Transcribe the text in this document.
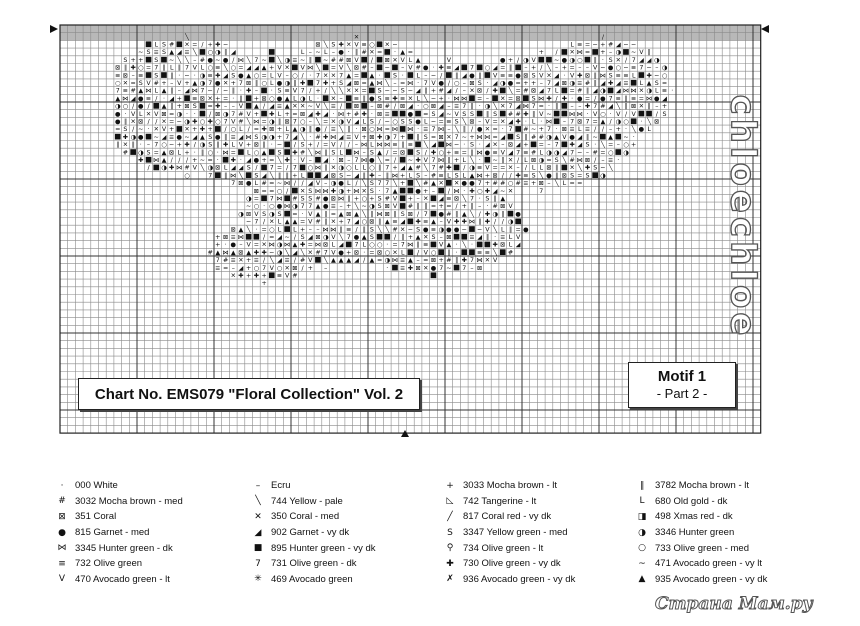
╲	✕	/
L S # ✕ = / + ✚ ~	⊠ ╲ S ✚ ✕ V ≡ ○ ✕ ~	L ≡ = ~ + # ◢ ~ ~
~ S ≡ S ▲ ◢ ≡ ╲ ○ ◑ ∥ ◢	L – ~ L – ● · ∥ # ✕ = · ▲ =	+ / ✕ ⋈ = + – ◑ ~ V ∥
S + + S ~ ╲ ╲ – # ● ~ ● / ⋈ ╲ 7 ~ ╲ ◑ ≡ ~ ∥ ~ # # ⊠ V / ⊠ ✕ V L ▲	V	● + / ◑ V	~ ● ◑ ○ ∥ · S ✕ / 7 ◢ ◢ ◑
⊠ ∥ ✚ ○ = 7 ∥ L ∥ 7 V L ○ ≡ ╲ ○ = ◢ ◢ ▲ + V ✕ V ⋈ ╲ = V ╲ ⊠ # – ~ – V # ● · ✚ ≡ ◢ 7 ○ ◢ = ∥ – + / ╲ – + = – – V ~ ● ○ ~ ≡ 7 ~ – ◑
≡ ⊠ – ≡ S ∥ · ~ · ◑ ≡ ✚ ◢ S ● ▲ ○ = L V – ○ / · 7 ✕ ✕ 7 ▲ = ▲ · S · L – ~ / ∥ ◢ ● ∥ V ≡ ≡ ● ⊠ S V ✕ ◢ · V ✚ ⊠ ∥ ⋈ S ≡ ≡ L ✚ ~ ○
○ ✕ = S V # + – V + ▲ ◑ 7 ● ✕ + 7 ⊠ ∥ ○ L ● ◑ ∥ ✚ 7 ✚ + S ◢ ⊠ = ▲ ⋈ ╲ – = ⋈ · 7 V ● / ○ – ⊠ S · ◢ ◑ ● = + + – 7 ◢ ⊠ ◑ ≡ # ∥ ◢ ✚ ◢ ≡ L ▲ S =
7 ≡ # ▲ ⋈ L ▲ ∥ – ◢ ⋈ 7 ~ / ~ ∥ · ✚ – · S ≡ V 7 / + / ╲ ╲ ✕ ✕ = S ~ ~ S ~ ◢ ∥ + # ◢ / – ✕ ⊠ / ✚ ╲ = # ⊠ ◢ 7 L = # ∥ ◢ ◑ ◢ ⋈ ⋈ ✕ ◑ L ≡ ·
▲ ⋈ ◢ ● ≡ / · ◢ + ≡ ⊠ ✕ + = · ∥ + ⊠ ○ ● ▲ L ◑ L · ✕ – ≡ ∥ ● S ≡ ✚ ≡ ✕ L ╲ ~ + · ⋈ ⋈ = – ✕ = ⊠ S ⋈ ✚ / ✚ · ● = / ● 7 ≡ ∥ ≡ = ⋈ ● ◢
◑ ○ / ● / ▲ ∥ + ⊠ S = ✚ – – V ▲ / ◢ ≡ ▲ ✕ ✕ ~ V ╲ ≡ / ⊠ – ⊠ # / ⊠ ◢ · ○ ⊠ ◢ – ≡ 7 ∥ · ◑ ╲ ✕ 7 ◢ ⋈ 7 = · ∥ – – ✚ 7 # ◢ ╲ ∥ ⊠ ✕ ∥ – +
● · V L ✕ V ⊠ = ◑ · · / ⊠ ◑ 7 # V + ✚ L + = ⊠ ◢ ✚ ◢ · ⋈ + # ✚ · ⊠ ≡	● = S ◢ ~ V S S ∥ S # # ✚ ∥ V ~	⋈ ⋈ · V ○ · V / V	/ S
● ∥ ✕ ⊠ / / ✕ = ~ ◑ ✚ ○ ✚ ○ 7 V # ╲ ⋈ = ◑ ∥ ⊠ 7 ○ – ╲ = ✕ ◑ V ◢ L S / ~ ○ S S ● L ~ = ≡ S ╲ ⊠ – V = ✕ ◢ ✚ · L · ⋈ – 7 ⊠ 7 = ▲ / ◑ ○ · ╲ ⊠
= S / ~ · ✕ V + ✕ + ✚ + / ○ L / = ✚ ⊠ + L ▲ ◑ ∥ ● / ≡ ╲ ∥ · ⊠ ○ ⋈ = ⋈ ⋈ · ≡ 7 ⋈ – ╲ ∥ / ● ✕ = · 7 # ~ + 7 · ⊠ ≡ L ≡ / / – + · ╲ ● L
✚ ◑ ● ~ ◢ ≡ ● ~ ◢ ▲ S ● ∥ ≡ ◢ ⋈ S ◑ ◑ + 7 ◢ ╲ · # ✚ ⋈ ◢ ≡ V + ⊠ ✚ ◑ 7 + ∥ S = ⊠ ✕ 7 ~ + ⋈ ⋈ = ◢ S ∥ # # ◑ ▲ V ● ◢ ∥ ~ ▲ ~ ·
∥ ✕ ∥ · – 7 ○ ~ + ✚ / ◑ S ∥ ✚ L V + ⊠ ∥ · ~ / S + / = V / / – ⋈ L ⋈ ⋈ ≡ ∥ ≡ ╲ ◢ ⋈ ~ · S · ◢ ✕ – ⊠ ◢ + = – 7 ✚ ◢ S · ╲ = – ○ +
# ◑ S = ▲ ⊠ L + · ∥ ○ · ⋈ = L ○ ▲ S ✚ # ╲ ⋈ ∥ S L ⋈ – S ▲ / = ⊠ S / ✚ ○ + ≡ = ∥ ⋈ ● ≡ V ◢ 7 ≡ # L ◑ ◑ ◢ 7 ~ – # = ○ ◑
✚ ⋈ ▲ / / / + ~ = · ✚ · ◢ ● + = ╲ ✚ · V – ◢ · ⊠ – 7 ⋈ ● ╲ = / ~ ✚ V 7 ⋈ ∥ + L ╲ · ~ ∥ ✕ / L ⊠ ◑ = S ╲ # ⋈ ⊠ / – ≡ ·
/ ◑ ✚ ⋈ # V ╲ ◑ ⊠ L ◢ ◢ S / 7 = / 7 ○ ⋈ ∥ ✕ ◑ ○ L L ○ ∥ 7 + ◢ ▲ # ╲ 7 # ✚ / ◑ ≡ V = = ✕ – / L L ⊠ ∥ ✕ ╲ ✚ S ~ ╲
○	7 ∥ ⋈ ╲ S ◢ ╲ ∥ ∥ + L	◢ ⊠ S ~ ◢ ∥ ✚ – ∥ ⋈ + L S – # ≡ L S L ▲ ⋈ + ⊠ / / ✚ ≡ S ╲ ● ∥ ⊠ S = S ◑
7 ⊠ ● L # = ~ ⋈ / / ◢ V – ◑ ● L / ╲ S 7 7 ╲ + ╲ # ▲ ✕ ✕ ● ● 7 + # # ○ # ≡ + ⊠ – ╲ L = =
⊠ = = ○ / ✕ S ⋈ ⋈ ✚ ◑ + ⋈ ✕ S · 7 ▲	● + – / ⋈ · ✚ ○ ✚ ◢ ~ ✕	7
◑ = 7 ⋈ # S S # ● ⊠ ⋈ ∥ + ○ + S # V + – ✕ ◢ ≡ ⊠ ╲ 7 · S ∥ ▲
~ ○ · ○ ● ⋈ ◑ 7 7 ▲ ● ≡ – + ╲ ~ ◑ S ⊠ V # ∥ ∥ = + = / + ∥ – · # ⊠ V
◑ ⊠ V S ◑ S = · V ▲ ∥ = ▲ ⊠ ▲ ╲ ∥ ⋈ ⊠ ∥ S ⊠ / 7 ● # ∥ ▲ ╲ / ✚ ◑ ∥ ●
~ 7 / ✕ L ▲ ▲ = V # ∥ ✕ + 7 ◢ ○ ⊠ ∥ ▲ ≡ ◢ ✚ ≡ ▲ – V ✚ ✚ ⋈ ∥ ✚ / / ◑
⊠ ▲ ╲ · = ○ L L + – – ⋈ ⋈ ∥ ≡ / ∥ S ╲ ╲ # ✕ ~ S ● ≡ ◑ ● ● ~ ~ V ╲ L ∥ = ●
+ ⊠ ≡ ⋈	/ = ◢ ~ / S ◢ ⊠ ◑ V ╲ 7 ● ▲ S	/ ∥ + ▲ ✕ S – ⊠	≡ ◢ ∥ · ≡ L V
+ · ● – V = ✕ ⋈ ◑ ⋈ ▲ ✚ = ⋈ ⊠ L ◢ 7 L ○ ○ · = 7 ⋈ ∥ ≡ V ▲ · ╲ ·	✚ ⊠ L ◢
# ▲ ⋈ ▲ ⊠ ▲ ✚ ✚ ~ ◑ ╲ ◢ ╲ ✕ # 7 V ● + ⊠ · = ⊠ ○ ✕ L / V ○ ∥ ·	≡ ≡ ╲ #
7 # ≡ ✕ + ≡ / ╲ ◢ ≡ / # V ╲ ▲ ▲ ▲ ◢ / ▲ = ◑ ⋈ ≡ ▲ – = ⊠ + # ∥ ✚ 7 ⋈ ✕ V
≡ = – ◢ + ○ 7 V ○ ✕ ⊠ / + –	· ≡ ✚ ⊠ ✕ ● 7 ~ 7 – ⊠
✕ ✚ + ✚ + ≡ V #
+
Chart No. EMS079 "Floral Collection" Vol. 2
Motif 1
- Part 2 -
chloechloe
·	000 White
# 3032 Mocha brown - med
⊠ 351 Coral
● 815 Garnet - med
⋈ 3345 Hunter green - dk
≡ 732 Olive green
V	470 Avocado green - lt
–	Ecru
╲	744 Yellow - pale
✕ 350 Coral - med
◢	902 Garnet - vy dk
■ 895 Hunter green - vy dk
7	731 Olive green - dk
✳ 469 Avocado green
+ 3033 Mocha brown - lt
◺	742 Tangerine - lt
╱	817 Coral red - vy dk
S	3347 Yellow green - med
⚲	734 Olive green - lt
✚ 730 Olive green - vy dk
✗ 936 Avocado green - vy dk
∥	3782 Mocha brown - lt
L	680 Old gold - dk
◨ 498 Xmas red - dk
◑ 3346 Hunter green
○ 733 Olive green - med
~ 471 Avocado green - vy lt
▲	935 Avocado green - vy dk
Страна Мам.ру
